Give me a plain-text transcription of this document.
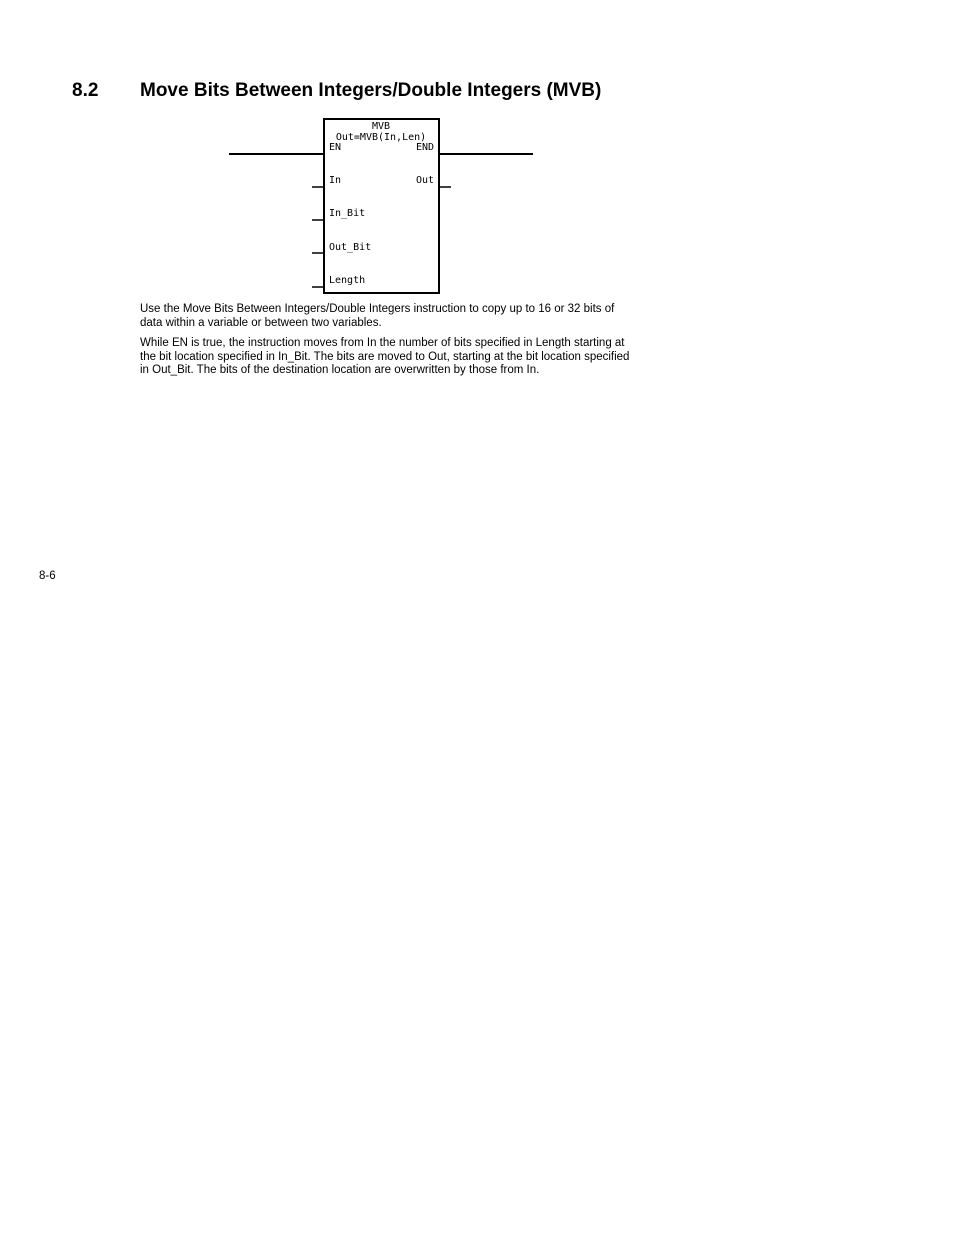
8.2 Move Bits Between Integers/Double Integers (MVB)
MVB
Out=MVB(In,Len)
EN	END
In	Out
In_Bit
Out_Bit
Length

Use the Move Bits Between Integers/Double Integers instruction to copy up to 16 or 32 bits of data within a variable or between two variables.

While EN is true, the instruction moves from In the number of bits specified in Length starting at the bit location specified in In_Bit. The bits are moved to Out, starting at the bit location specified in Out_Bit. The bits of the destination location are overwritten by those from In.

8-6
